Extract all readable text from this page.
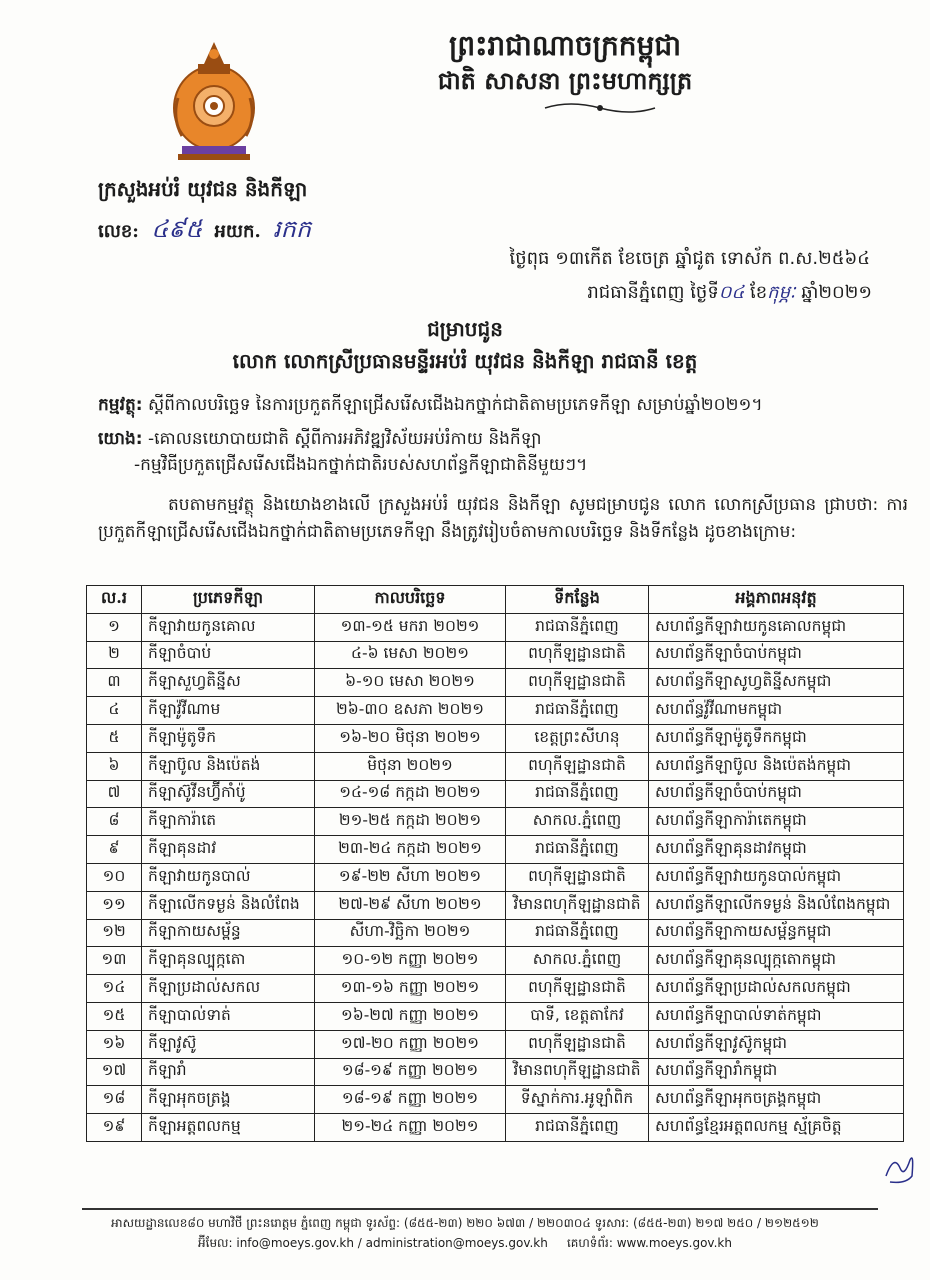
ព្រះរាជាណាចក្រកម្ពុជា
ជាតិ សាសនា ព្រះមហាក្សត្រ
ក្រសួងអប់រំ យុវជន និងកីឡា
លេខ: ៤៩៥ អយក. រកក
ថ្ងៃពុធ ១៣កើត ខែចេត្រ ឆ្នាំជូត ទោស័ក ព.ស.២៥៦៤
រាជធានីភ្នំពេញ ថ្ងៃទី០៤ ខែកុម្ភៈ ឆ្នាំ២០២១
ជម្រាបជូន
លោក លោកស្រីប្រធានមន្ទីរអប់រំ យុវជន និងកីឡា រាជធានី ខេត្ត
កម្មវត្ថុ: ស្តីពីកាលបរិច្ឆេទ នៃការប្រកួតកីឡាជ្រើសរើសជើងឯកថ្នាក់ជាតិតាមប្រភេទកីឡា សម្រាប់ឆ្នាំ២០២១។
យោង: -គោលនយោបាយជាតិ ស្តីពីការអភិវឌ្ឍវិស័យអប់រំកាយ និងកីឡា
-កម្មវិធីប្រកួតជ្រើសរើសជើងឯកថ្នាក់ជាតិរបស់សហព័ន្ធកីឡាជាតិនីមួយៗ។
តបតាមកម្មវត្ថុ និងយោងខាងលើ ក្រសួងអប់រំ យុវជន និងកីឡា សូមជម្រាបជូន លោក លោកស្រីប្រធាន ជ្រាបថា: ការប្រកួតកីឡាជ្រើសរើសជើងឯកថ្នាក់ជាតិតាមប្រភេទកីឡា នឹងត្រូវរៀបចំតាមកាលបរិច្ឆេទ និងទីកន្លែង ដូចខាងក្រោម:
ល.រ	ប្រភេទកីឡា	កាលបរិច្ឆេទ	ទីកន្លែង	អង្គភាពអនុវត្ត
១	កីឡាវាយកូនគោល	១៣-១៥ មករា ២០២១	រាជធានីភ្នំពេញ	សហព័ន្ធកីឡាវាយកូនគោលកម្ពុជា
២	កីឡាចំបាប់	៤-៦ មេសា ២០២១	ពហុកីឡដ្ឋានជាតិ	សហព័ន្ធកីឡាចំបាប់កម្ពុជា
៣	កីឡាសួហ្វតិន្នីស	៦-១០ មេសា ២០២១	ពហុកីឡដ្ឋានជាតិ	សហព័ន្ធកីឡាសូហ្វតិន្នីសកម្ពុជា
៤	កីឡាវ៉ូវីណាម	២៦-៣០ ឧសភា ២០២១	រាជធានីភ្នំពេញ	សហព័ន្ធវ៉ូវីណាមកម្ពុជា
៥	កីឡាម៉ូតូទឹក	១៦-២០ មិថុនា ២០២១	ខេត្តព្រះសីហនុ	សហព័ន្ធកីឡាម៉ូតូទឹកកម្ពុជា
៦	កីឡាប៊ូល និងប៉េតង់	មិថុនា ២០២១	ពហុកីឡដ្ឋានជាតិ	សហព័ន្ធកីឡាប៊ូល និងប៉េតង់កម្ពុជា
៧	កីឡាស៊ូវីនហ្វ៊ីកាំប៉ូ	១៤-១៨ កក្កដា ២០២១	រាជធានីភ្នំពេញ	សហព័ន្ធកីឡាចំបាប់កម្ពុជា
៨	កីឡាការ៉ាតេ	២១-២៥ កក្កដា ២០២១	សាកល.ភ្នំពេញ	សហព័ន្ធកីឡាការ៉ាតេកម្ពុជា
៩	កីឡាគុនដាវ	២៣-២៤ កក្កដា ២០២១	រាជធានីភ្នំពេញ	សហព័ន្ធកីឡាគុនដាវកម្ពុជា
១០	កីឡាវាយកូនបាល់	១៩-២២ សីហា ២០២១	ពហុកីឡដ្ឋានជាតិ	សហព័ន្ធកីឡាវាយកូនបាល់កម្ពុជា
១១	កីឡាលើកទម្ងន់ និងលំពែង	២៧-២៩ សីហា ២០២១	វិមានពហុកីឡដ្ឋានជាតិ	សហព័ន្ធកីឡាលើកទម្ងន់ និងលំពែងកម្ពុជា
១២	កីឡាកាយសម្ព័ន្ធ	សីហា-វិច្ឆិកា ២០២១	រាជធានីភ្នំពេញ	សហព័ន្ធកីឡាកាយសម្ព័ន្ធកម្ពុជា
១៣	កីឡាគុនល្បុក្កតោ	១០-១២ កញ្ញា ២០២១	សាកល.ភ្នំពេញ	សហព័ន្ធកីឡាគុនល្បុក្កតោកម្ពុជា
១៤	កីឡាប្រដាល់សកល	១៣-១៦ កញ្ញា ២០២១	ពហុកីឡដ្ឋានជាតិ	សហព័ន្ធកីឡាប្រដាល់សកលកម្ពុជា
១៥	កីឡាបាល់ទាត់	១៦-២៧ កញ្ញា ២០២១	បាទី, ខេត្តតាកែវ	សហព័ន្ធកីឡាបាល់ទាត់កម្ពុជា
១៦	កីឡាវូស៊ូ	១៧-២០ កញ្ញា ២០២១	ពហុកីឡដ្ឋានជាតិ	សហព័ន្ធកីឡាវូស៊ូកម្ពុជា
១៧	កីឡារាំ	១៨-១៩ កញ្ញា ២០២១	វិមានពហុកីឡដ្ឋានជាតិ	សហព័ន្ធកីឡារាំកម្ពុជា
១៨	កីឡាអុកចត្រង្គ	១៨-១៩ កញ្ញា ២០២១	ទីស្នាក់ការ.អូឡាំពិក	សហព័ន្ធកីឡាអុកចត្រង្គកម្ពុជា
១៩	កីឡាអត្តពលកម្ម	២១-២៤ កញ្ញា ២០២១	រាជធានីភ្នំពេញ	សហព័ន្ធខ្មែរអត្តពលកម្ម ស្ម័គ្រចិត្ត
អាសយដ្ឋានលេខ៨០ មហាវិថី ព្រះនរោត្តម ភ្នំពេញ កម្ពុជា ទូរស័ព្ទ: (៨៥៥-២៣) ២២០ ៦៧៣ / ២២០៣០៤ ទូរសារ: (៨៥៥-២៣) ២១៧ ២៥០ / ២១២៥១២
អ៊ីមែល: info@moeys.gov.kh / administration@moeys.gov.kh គេហទំព័រ: www.moeys.gov.kh
